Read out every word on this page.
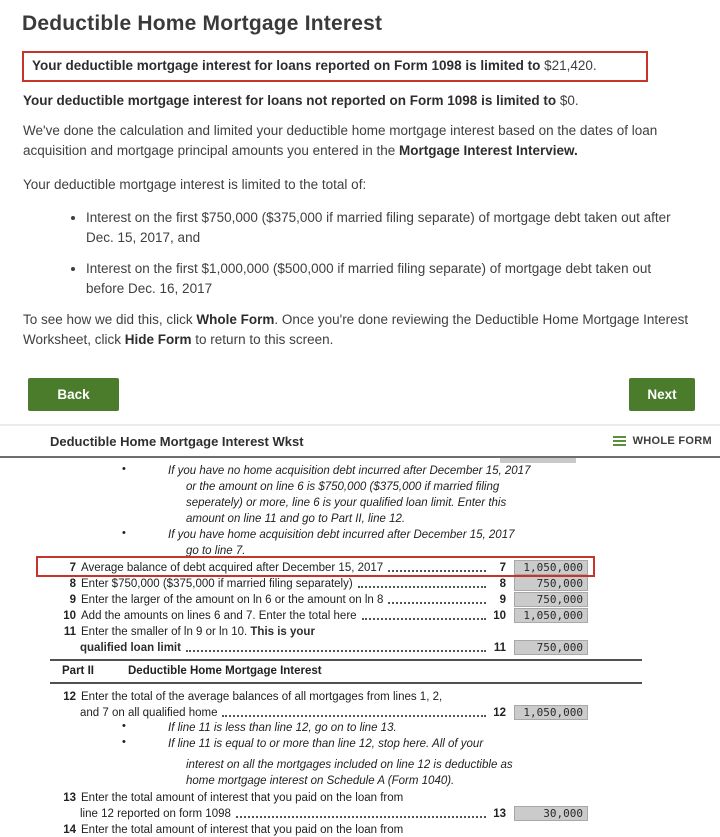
Deductible Home Mortgage Interest
Your deductible mortgage interest for loans reported on Form 1098 is limited to $21,420.
Your deductible mortgage interest for loans not reported on Form 1098 is limited to $0.

We've done the calculation and limited your deductible home mortgage interest based on the dates of loan acquisition and mortgage principal amounts you entered in the Mortgage Interest Interview.

Your deductible mortgage interest is limited to the total of:

• Interest on the first $750,000 ($375,000 if married filing separate) of mortgage debt taken out after Dec. 15, 2017, and
• Interest on the first $1,000,000 ($500,000 if married filing separate) of mortgage debt taken out before Dec. 16, 2017

To see how we did this, click Whole Form. Once you're done reviewing the Deductible Home Mortgage Interest Worksheet, click Hide Form to return to this screen.

Back	Next
Deductible Home Mortgage Interest Wkst	WHOLE FORM
•	If you have no home acquisition debt incurred after December 15, 2017
or the amount on line 6 is $750,000 ($375,000 if married filing
seperately) or more, line 6 is your qualified loan limit. Enter this
amount on line 11 and go to Part II, line 12.
•	If you have home acquisition debt incurred after December 15, 2017
go to line 7.
7 Average balance of debt acquired after December 15, 2017	7	1,050,000
8 Enter $750,000 ($375,000 if married filing separately)	8	750,000
9 Enter the larger of the amount on ln 6 or the amount on ln 8	9	750,000
10 Add the amounts on lines 6 and 7. Enter the total here	10	1,050,000
11 Enter the smaller of ln 9 or ln 10. This is your
qualified loan limit	11	750,000
Part II	Deductible Home Mortgage Interest
12 Enter the total of the average balances of all mortgages from lines 1, 2,
and 7 on all qualified home	12	1,050,000
•	If line 11 is less than line 12, go on to line 13.
•	If line 11 is equal to or more than line 12, stop here. All of your
interest on all the mortgages included on line 12 is deductible as
home mortgage interest on Schedule A (Form 1040).
13 Enter the total amount of interest that you paid on the loan from
line 12 reported on form 1098	13	30,000
14 Enter the total amount of interest that you paid on the loan from
